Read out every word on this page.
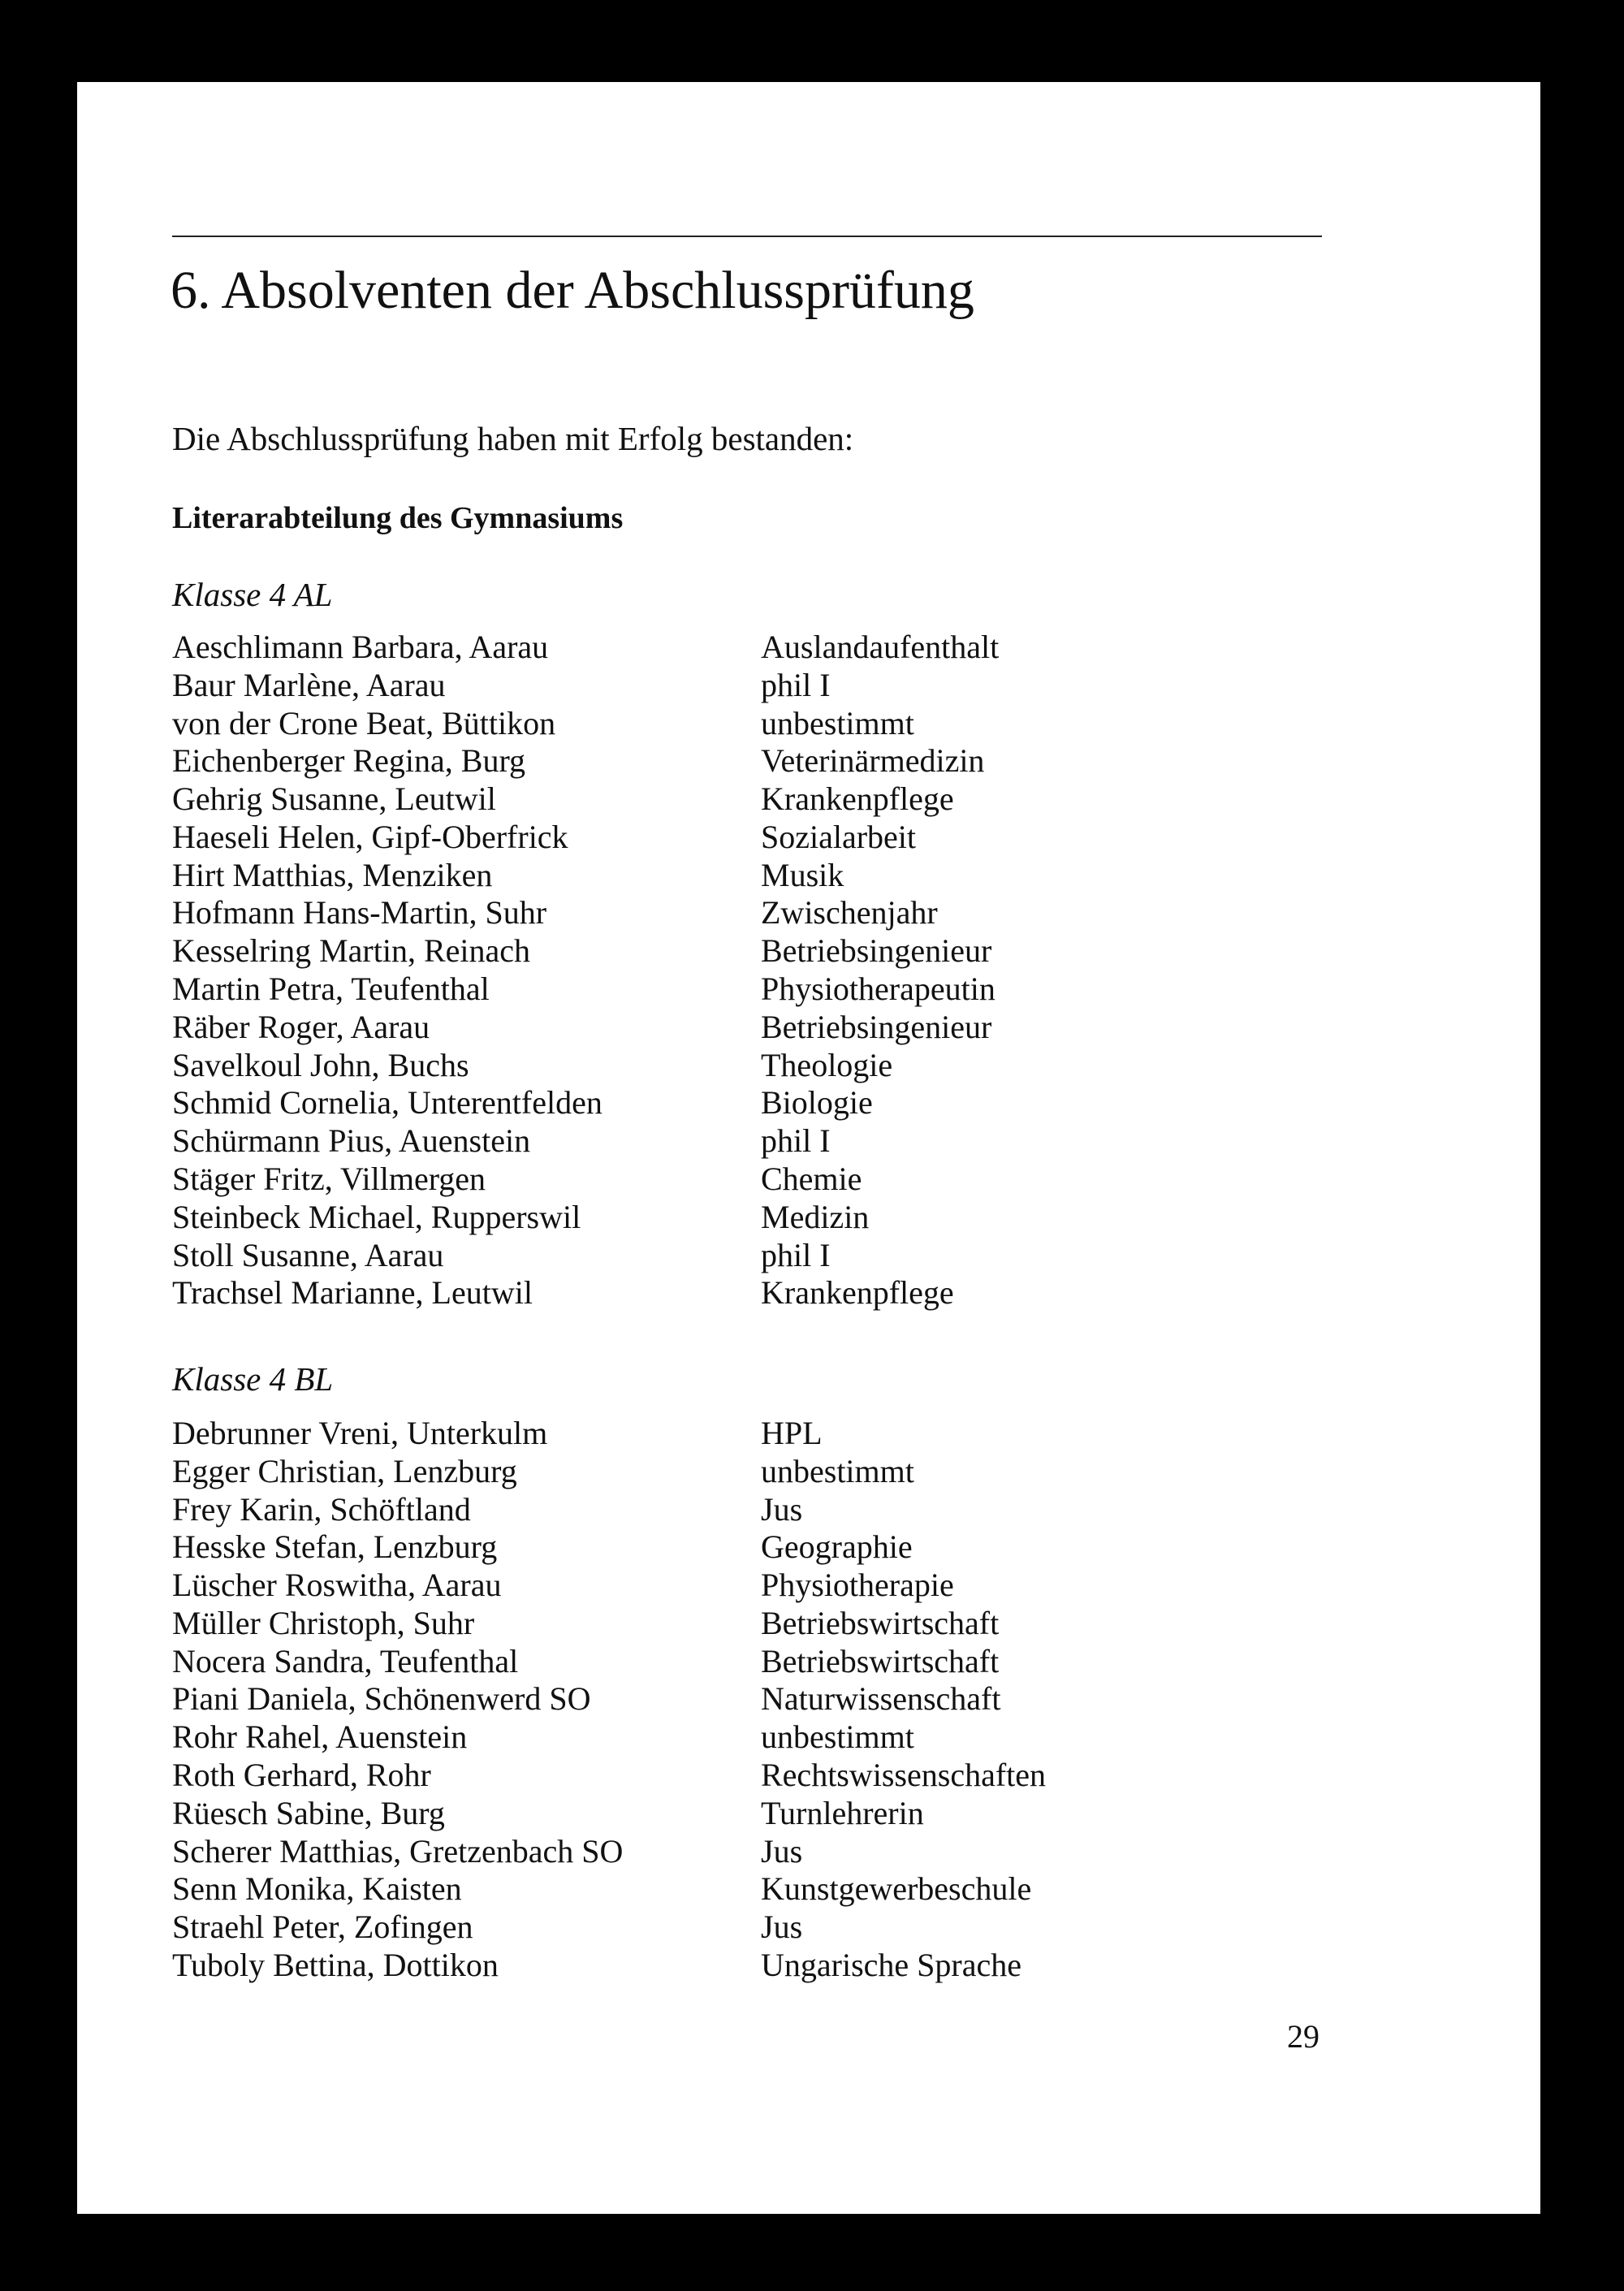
6. Absolventen der Abschlussprüfung
Die Abschlussprüfung haben mit Erfolg bestanden:
Literarabteilung des Gymnasiums
Klasse 4 AL
Aeschlimann Barbara, Aarau	Auslandaufenthalt
Baur Marlène, Aarau	phil I
von der Crone Beat, Büttikon	unbestimmt
Eichenberger Regina, Burg	Veterinärmedizin
Gehrig Susanne, Leutwil	Krankenpflege
Haeseli Helen, Gipf-Oberfrick	Sozialarbeit
Hirt Matthias, Menziken	Musik
Hofmann Hans-Martin, Suhr	Zwischenjahr
Kesselring Martin, Reinach	Betriebsingenieur
Martin Petra, Teufenthal	Physiotherapeutin
Räber Roger, Aarau	Betriebsingenieur
Savelkoul John, Buchs	Theologie
Schmid Cornelia, Unterentfelden	Biologie
Schürmann Pius, Auenstein	phil I
Stäger Fritz, Villmergen	Chemie
Steinbeck Michael, Rupperswil	Medizin
Stoll Susanne, Aarau	phil I
Trachsel Marianne, Leutwil	Krankenpflege
Klasse 4 BL
Debrunner Vreni, Unterkulm	HPL
Egger Christian, Lenzburg	unbestimmt
Frey Karin, Schöftland	Jus
Hesske Stefan, Lenzburg	Geographie
Lüscher Roswitha, Aarau	Physiotherapie
Müller Christoph, Suhr	Betriebswirtschaft
Nocera Sandra, Teufenthal	Betriebswirtschaft
Piani Daniela, Schönenwerd SO	Naturwissenschaft
Rohr Rahel, Auenstein	unbestimmt
Roth Gerhard, Rohr	Rechtswissenschaften
Rüesch Sabine, Burg	Turnlehrerin
Scherer Matthias, Gretzenbach SO	Jus
Senn Monika, Kaisten	Kunstgewerbeschule
Straehl Peter, Zofingen	Jus
Tuboly Bettina, Dottikon	Ungarische Sprache
29
